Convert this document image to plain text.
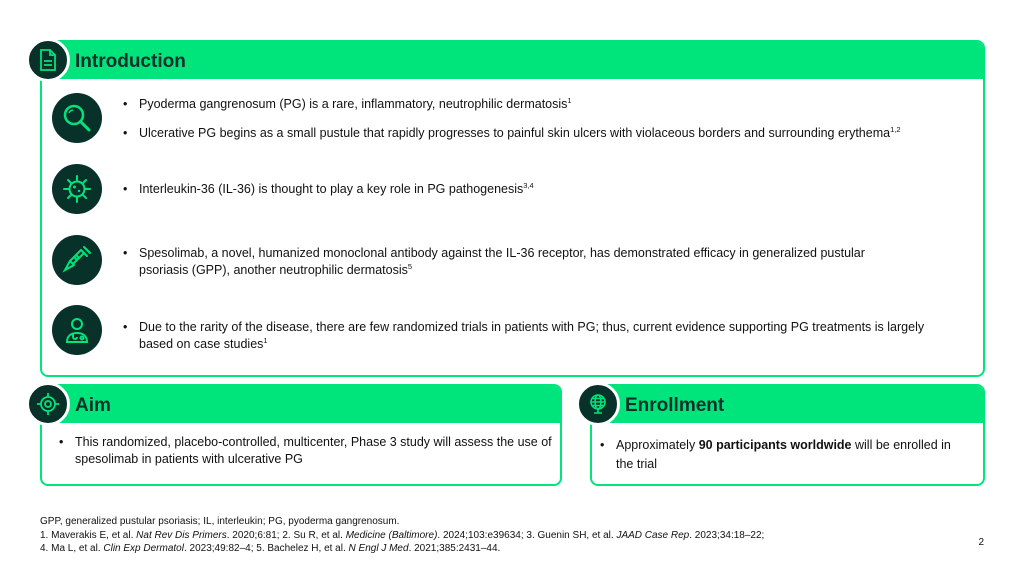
Introduction
• Pyoderma gangrenosum (PG) is a rare, inflammatory, neutrophilic dermatosis$^1$
• Ulcerative PG begins as a small pustule that rapidly progresses to painful skin ulcers with violaceous borders and surrounding erythema$^{1,2}$
• Interleukin-36 (IL-36) is thought to play a key role in PG pathogenesis$^{3,4}$
• Spesolimab, a novel, humanized monoclonal antibody against the IL-36 receptor, has demonstrated efficacy in generalized pustular psoriasis (GPP), another neutrophilic dermatosis$^5$
• Due to the rarity of the disease, there are few randomized trials in patients with PG; thus, current evidence supporting PG treatments is largely based on case studies$^1$
Aim
• This randomized, placebo-controlled, multicenter, Phase 3 study will assess the use of spesolimab in patients with ulcerative PG
Enrollment
• Approximately 90 participants worldwide will be enrolled in the trial

GPP, generalized pustular psoriasis; IL, interleukin; PG, pyoderma gangrenosum.

1. Maverakis E, et al. Nat Rev Dis Primers. 2020;6:81; 2. Su R, et al. Medicine (Baltimore). 2024;103:e39634; 3. Guenin SH, et al. JAAD Case Rep. 2023;34:18–22;

4. Ma L, et al. Clin Exp Dermatol. 2023;49:82–4; 5. Bachelez H, et al. N Engl J Med. 2021;385:2431–44.

2
